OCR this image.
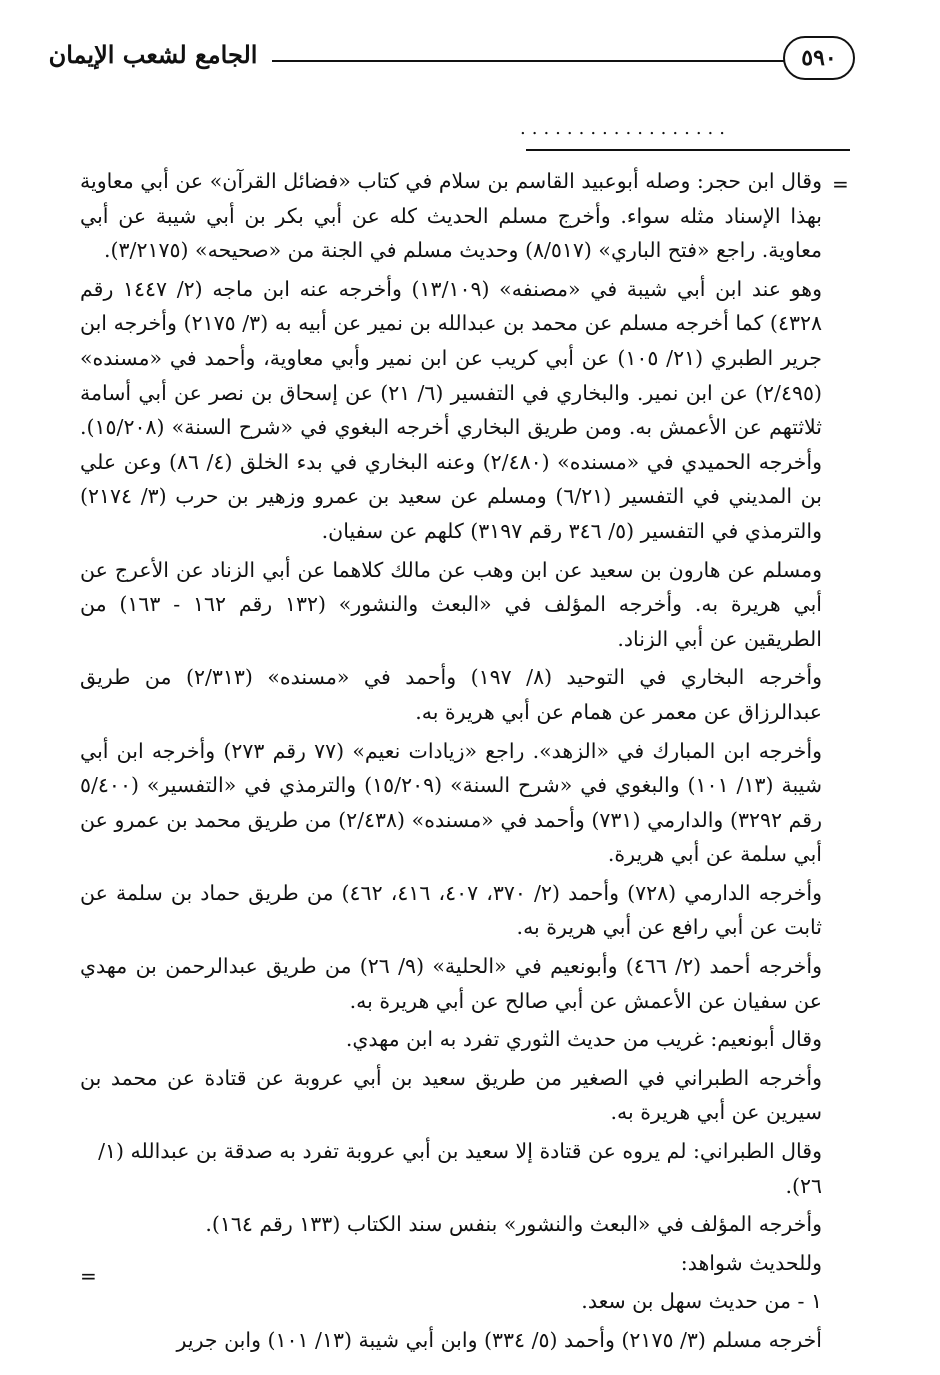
٥٩٠
الجامع لشعب الإيمان
..................
=
=

وقال ابن حجر: وصله أبوعبيد القاسم بن سلام في كتاب «فضائل القرآن» عن أبي معاوية بهذا الإسناد مثله سواء. وأخرج مسلم الحديث كله عن أبي بكر بن أبي شيبة عن أبي معاوية. راجع «فتح الباري» (٨/٥١٧) وحديث مسلم في الجنة من «صحيحه» (٣/٢١٧٥).

وهو عند ابن أبي شيبة في «مصنفه» (١٣/١٠٩) وأخرجه عنه ابن ماجه (٢/ ١٤٤٧ رقم ٤٣٢٨) كما أخرجه مسلم عن محمد بن عبدالله بن نمير عن أبيه به (٣/ ٢١٧٥) وأخرجه ابن جرير الطبري (٢١/ ١٠٥) عن أبي كريب عن ابن نمير وأبي معاوية، وأحمد في «مسنده» (٢/٤٩٥) عن ابن نمير. والبخاري في التفسير (٦/ ٢١) عن إسحاق بن نصر عن أبي أسامة ثلاثتهم عن الأعمش به. ومن طريق البخاري أخرجه البغوي في «شرح السنة» (١٥/٢٠٨). وأخرجه الحميدي في «مسنده» (٢/٤٨٠) وعنه البخاري في بدء الخلق (٤/ ٨٦) وعن علي بن المديني في التفسير (٦/٢١) ومسلم عن سعيد بن عمرو وزهير بن حرب (٣/ ٢١٧٤) والترمذي في التفسير (٥/ ٣٤٦ رقم ٣١٩٧) كلهم عن سفيان.

ومسلم عن هارون بن سعيد عن ابن وهب عن مالك كلاهما عن أبي الزناد عن الأعرج عن أبي هريرة به. وأخرجه المؤلف في «البعث والنشور» (١٣٢ رقم ١٦٢ - ١٦٣) من الطريقين عن أبي الزناد.

وأخرجه البخاري في التوحيد (٨/ ١٩٧) وأحمد في «مسنده» (٢/٣١٣) من طريق عبدالرزاق عن معمر عن همام عن أبي هريرة به.

وأخرجه ابن المبارك في «الزهد». راجع «زيادات نعيم» (٧٧ رقم ٢٧٣) وأخرجه ابن أبي شيبة (١٣/ ١٠١) والبغوي في «شرح السنة» (١٥/٢٠٩) والترمذي في «التفسير» (٥/٤٠٠ رقم ٣٢٩٢) والدارمي (٧٣١) وأحمد في «مسنده» (٢/٤٣٨) من طريق محمد بن عمرو عن أبي سلمة عن أبي هريرة.

وأخرجه الدارمي (٧٢٨) وأحمد (٢/ ٣٧٠، ٤٠٧، ٤١٦، ٤٦٢) من طريق حماد بن سلمة عن ثابت عن أبي رافع عن أبي هريرة به.

وأخرجه أحمد (٢/ ٤٦٦) وأبونعيم في «الحلية» (٩/ ٢٦) من طريق عبدالرحمن بن مهدي عن سفيان عن الأعمش عن أبي صالح عن أبي هريرة به.

وقال أبونعيم: غريب من حديث الثوري تفرد به ابن مهدي.

وأخرجه الطبراني في الصغير من طريق سعيد بن أبي عروبة عن قتادة عن محمد بن سيرين عن أبي هريرة به.

وقال الطبراني: لم يروه عن قتادة إلا سعيد بن أبي عروبة تفرد به صدقة بن عبدالله (١/ ٢٦).

وأخرجه المؤلف في «البعث والنشور» بنفس سند الكتاب (١٣٣ رقم ١٦٤).

وللحديث شواهد:

١ - من حديث سهل بن سعد.

أخرجه مسلم (٣/ ٢١٧٥) وأحمد (٥/ ٣٣٤) وابن أبي شيبة (١٣/ ١٠١) وابن جرير
